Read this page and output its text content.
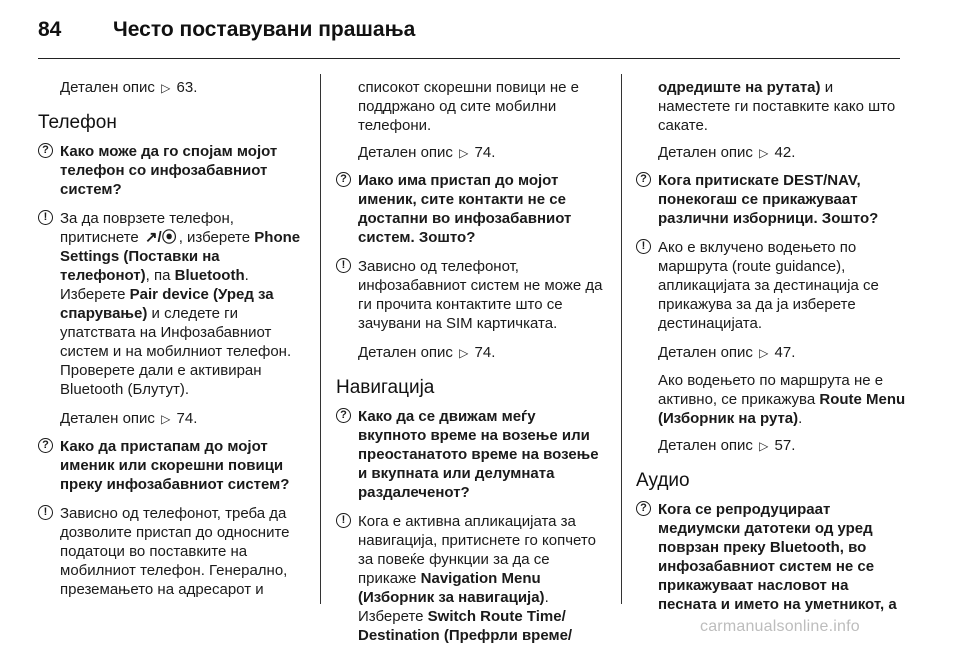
84 Често поставувани прашања
Детален опис ▷ 63.
Телефон
? Како може да го спојам мојот телефон со инфозабавниот систем?
! За да поврзете телефон, притиснете ↗/⦿ , изберете Phone Settings (Поставки на телефонот), па Bluetooth. Изберете Pair device (Уред за спарување) и следете ги упатствата на Инфозабавниот систем и на мобилниот телефон. Проверете дали е активиран Bluetooth (Блутут).
Детален опис ▷ 74.
? Како да пристапам до мојот именик или скорешни повици преку инфозабавниот систем?
! Зависно од телефонот, треба да дозволите пристап до односните податоци во поставките на мобилниот телефон. Генерално, преземањето на адресарот и
списокот скорешни повици не е поддржано од сите мобилни телефони.
Детален опис ▷ 74.
? Иако има пристап до мојот именик, сите контакти не се достапни во инфозабавниот систем. Зошто?
! Зависно од телефонот, инфозабавниот систем не може да ги прочита контактите што се зачувани на SIM картичката.
Детален опис ▷ 74.
Навигација
? Како да се движам меѓу вкупното време на возење или преостанатото време на возење и вкупната или делумната раздалеченот?
! Кога е активна апликацијата за навигација, притиснете го копчето за повеќе функции за да се прикаже Navigation Menu (Изборник за навигација). Изберете Switch Route Time/ Destination (Префрли време/
одредиште на рутата) и наместете ги поставките како што сакате.
Детален опис ▷ 42.
? Кога притискате DEST/NAV, понекогаш се прикажуваат различни изборници. Зошто?
! Ако е вклучено водењето по маршрута (route guidance), апликацијата за дестинација се прикажува за да ја изберете дестинацијата.
Детален опис ▷ 47.
Ако водењето по маршрута не е активно, се прикажува Route Menu (Изборник на рута).
Детален опис ▷ 57.
Аудио
? Кога се репродуцираат медиумски датотеки од уред поврзан преку Bluetooth, во инфозабавниот систем не се прикажуваат насловот на песната и името на уметникот, а
carmanualsonline.info
